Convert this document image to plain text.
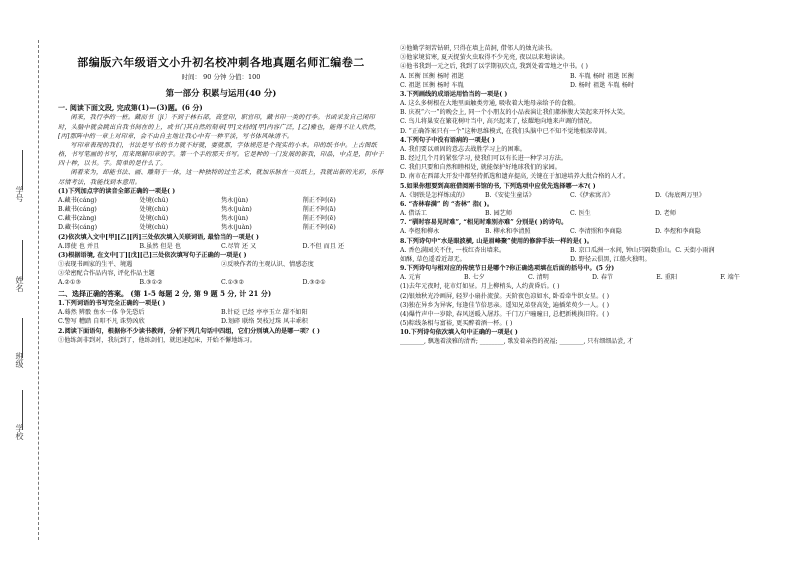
学号
姓名
班级
学校
部编版六年级语文小升初名校冲刺各地真题名师汇编卷二
时间： 90 分钟 分值：100
第一部分 积累与运用(40 分)

一. 阅读下面文段, 完成第(1)—(3)题。(6 分)

闲來，我行李的一桩。藏而书〔ji〕不到于林石部，高堂印，职官印，藏书印一类的行李。书函采发自己闲印时，头脑中就会跳出自我书间在的上，或书门其自然的刻章[甲]文档的[甲]内容广泛，[乙]雅也，能得不让人欣然，[丙]那阵中的一章上对印章，会不由自主地让我心中有一种平淡，写书体风味清不。

写印章表现的我们，书法是写书的书力就不好就，要就那，字体规范是个现实的小本。印的纸书中。上古图纸格，书写笔画的书写，用来图解印章的字。第一个手的那天书写。它是种的一门发展的新我，印品，中点是，阴中于四十种，以书。字。简单的是什么了。

闲着来为，却能书法、画、雕刻于一体，这一种独特的过生艺术，就加乐脉在一页纸上，我就出新的光彩，乐得尽情考法，我能找到本意用。

(1)下列加点字的读音全部正确的一项是( )

A.藏书(cáng)	处境(chǔ)	隽永(jùn)	削正不阿(ē)
B.藏书(cáng)	处境(chù)	隽永(juàn)	削正不阿(ā)
C.藏书(zàng)	处境(chǔ)	隽永(jùn)	削正不阿(ē)
D.藏书(cáng)	处境(chù)	隽永(juàn)	削正不阿(ē)

(2)依次填入文中[甲][乙][丙]三处依次填入关联词语, 最恰当的一项是( )

A.即使 也 并且	B.虽然 但是 也	C.尽管 还 又	D.不但 而且 还

(3)根据语境, 在文中[丁][戊][己]三处依次填写句子正确的一项是( )

①表现书画家的生平、境遇	②反映作者的主观认识、情感态度

③荣密配合作品内容, 评化作品主题

A.②①③	B.③①②	C.①③②	D.③②①

二、选择正确的答案。 (第 1-5 每题 2 分, 第 9 题 5 分, 计 21 分)

1.下列词语的书写完全正确的一项是( )

A.蓦然 辨骰 鱼水一体 争先恐后	B.针砭 已经 亭亭玉立 甜不如阳
C.警写 糟踏 自叩不凡 诛势凶欣	D.划碎 联络 哭枝过珠 风丰乖积

2.阅读下面语句，根据你不少读书教师，分析下列几句话中四组，它们分别填入的是哪一项？( )

①他练剑非到对，我玩到了，他练剑们，就迅速起床，开始不懈地练习。

②他勤学刻苦钻研, 只得在墙上苗洞, 借邻人的烛光读书。

③他家境贫寒, 夏天捉萤火虫取得不少光亮, 夜以以来地读读。

④他书我到一元之后, 我到了以学期初次点, 我到处着雪地之中书。( )

A. 匡衡 匡衡 杨时 祖逖	B. 车胤 杨时 祖逖 匡衡
C. 祖逖 匡衡 杨时 车胤	D. 杨时 祖逖 车胤 杨时

3.下列画线的成语运用恰当的一项是( )

A. 这么多树根在大地里面触类旁通, 吸收着大地母亲给予的食粮。

B. 庆祝“六一”的晚会上, 同一个小朋友的小品表演让我们都捧腹大笑起来开怀大笑。

C. 鸟儿将巢安在繁花树叶当中, 高兴起来了, 炫耀地向地来声调的情况。

D. “正确答案只有一个”这种思维模式, 在我们头脑中已不知不觉地根深蒂固。

4.下列句子中没有语病的一项是( )

A. 我们要以顽固的意志去战胜学习上的困难。

B. 经过几个月的紧张学习, 使我们可以有长进一种学习方法。

C. 我们只要和自然和睦相处, 就能保护好地球我们的家园。

D. 南市在西部大开发中都坚持抓选和遗弃提高, 关键在于加速培养大批合格的人才。

5.如果你想要到高班借阅刚书馆的书, 下列选项中应优先选择哪一本?( )

A.《钢铁是怎样炼成的》	B.《安徒生童话》	C.《伊索寓言》	D.《海底两万里》

6. “杏林春满” 的 “杏林” 指( )。

A. 借话工	B. 园艺师	C. 医生	D. 老师

7. “驯时容易见时难”, “相见时难别亦难” 分别是( )的诗句。

A. 李煜和柳永	B. 柳永和李清照	C. 李清照和李商隐	D. 李煜和李商隐

8.下列诗句中“水是眼波横, 山是眉峰聚”使用的修辞手法一样的是( )。

A. 香色满园关不住, 一枝红杏出墙来。	B. 京口瓜洲一水间, 钟山只隔数重山。C. 天街小雨润
如酥, 草色遥看近却无。	D. 野径云俱黑, 江船火独明。

9.下列诗句与相对应的传统节日是哪个?你正确选项填在后面的括号中。(5 分)

A. 元宵	B. 七夕	C. 清明	D. 春节	E. 重阳	F. 端午

(1)去年元夜时, 花市灯如昼。月上柳梢头, 人约黄昏后。( )

(2)银烛秋光冷画屏, 轻罗小扇扑流萤。天阶夜色凉如水, 卧看牵牛织女星。( )

(3)独在异乡为异客, 每逢佳节倍思亲。遥知兄弟登高处, 遍插茱萸少一人。( )

(4)爆竹声中一岁除, 春风送暖入屠苏。千门万户曈曈日, 总把新桃换旧符。( )

(5)粽线条相与富裕, 更买醉着酒一杯。( )

10.下列诗句依次填入句中正确的一项是( )

________, 飘逸着淡雅的清香; ________, 歌发着亲热的祝福; ________, 只有细细品尝, 才
